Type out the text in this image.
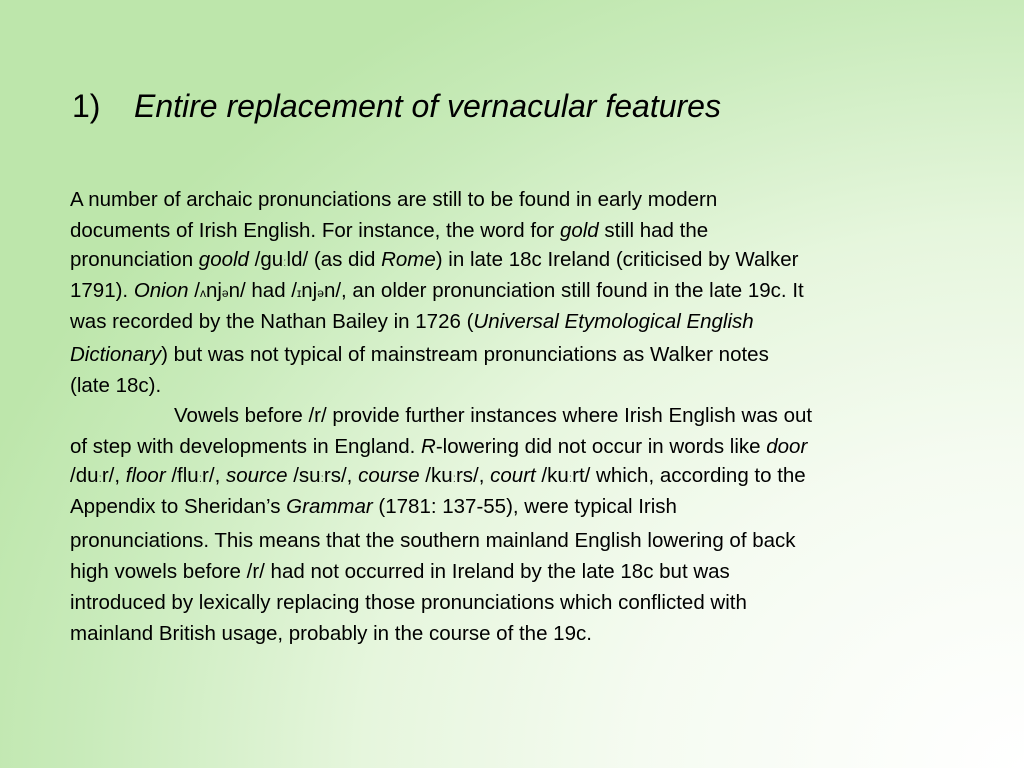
1) Entire replacement of vernacular features
A number of archaic pronunciations are still to be found in early modern
documents of Irish English. For instance, the word for gold still had the
pronunciation goold /guːld/ (as did Rome) in late 18c Ireland (criticised by Walker
1791). Onion /ʌnjən/ had /ɪnjən/, an older pronunciation still found in the late 19c. It
was recorded by the Nathan Bailey in 1726 (Universal Etymological English
Dictionary) but was not typical of mainstream pronunciations as Walker notes
(late 18c).
Vowels before /r/ provide further instances where Irish English was out
of step with developments in England. R-lowering did not occur in words like door
/duːr/, floor /fluːr/, source /suːrs/, course /kuːrs/, court /kuːrt/ which, according to the
Appendix to Sheridan’s Grammar (1781: 137-55), were typical Irish
pronunciations. This means that the southern mainland English lowering of back
high vowels before /r/ had not occurred in Ireland by the late 18c but was
introduced by lexically replacing those pronunciations which conflicted with
mainland British usage, probably in the course of the 19c.
